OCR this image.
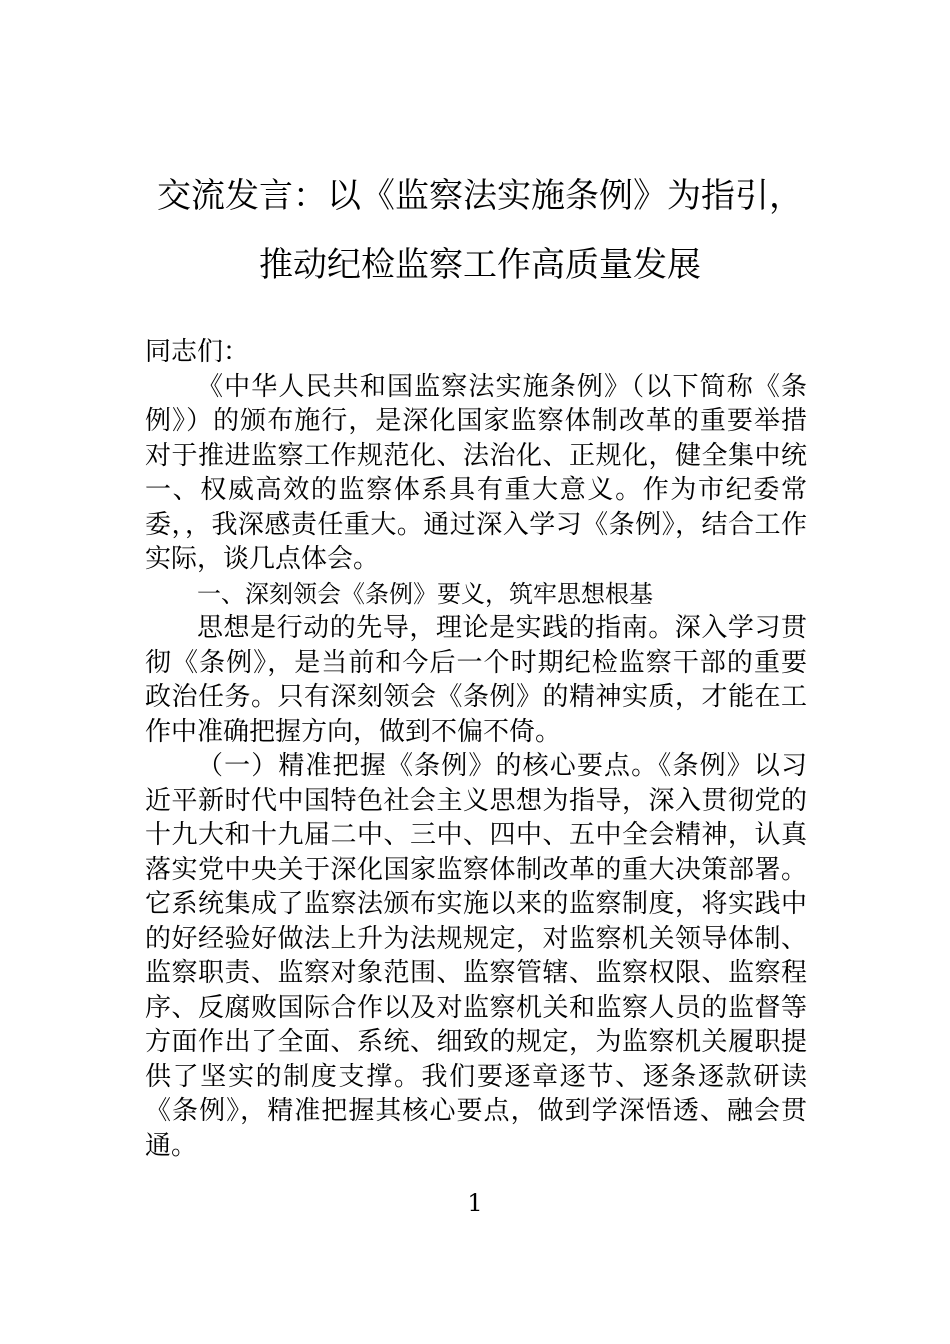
交流发言：以《监察法实施条例》为指引，
推动纪检监察工作高质量发展

同志们：

《中华人民共和国监察法实施条例》（以下简称《条例》）的颁布施行，是深化国家监察体制改革的重要举措对于推进监察工作规范化、法治化、正规化，健全集中统一、权威高效的监察体系具有重大意义。作为市纪委常委，，我深感责任重大。通过深入学习《条例》，结合工作实际，谈几点体会。

一、深刻领会《条例》要义，筑牢思想根基

思想是行动的先导，理论是实践的指南。深入学习贯彻《条例》，是当前和今后一个时期纪检监察干部的重要政治任务。只有深刻领会《条例》的精神实质，才能在工作中准确把握方向，做到不偏不倚。

（一）精准把握《条例》的核心要点。《条例》以习近平新时代中国特色社会主义思想为指导，深入贯彻党的十九大和十九届二中、三中、四中、五中全会精神，认真落实党中央关于深化国家监察体制改革的重大决策部署。它系统集成了监察法颁布实施以来的监察制度，将实践中的好经验好做法上升为法规规定，对监察机关领导体制、监察职责、监察对象范围、监察管辖、监察权限、监察程序、反腐败国际合作以及对监察机关和监察人员的监督等方面作出了全面、系统、细致的规定，为监察机关履职提供了坚实的制度支撑。我们要逐章逐节、逐条逐款研读《条例》，精准把握其核心要点，做到学深悟透、融会贯通。

1
